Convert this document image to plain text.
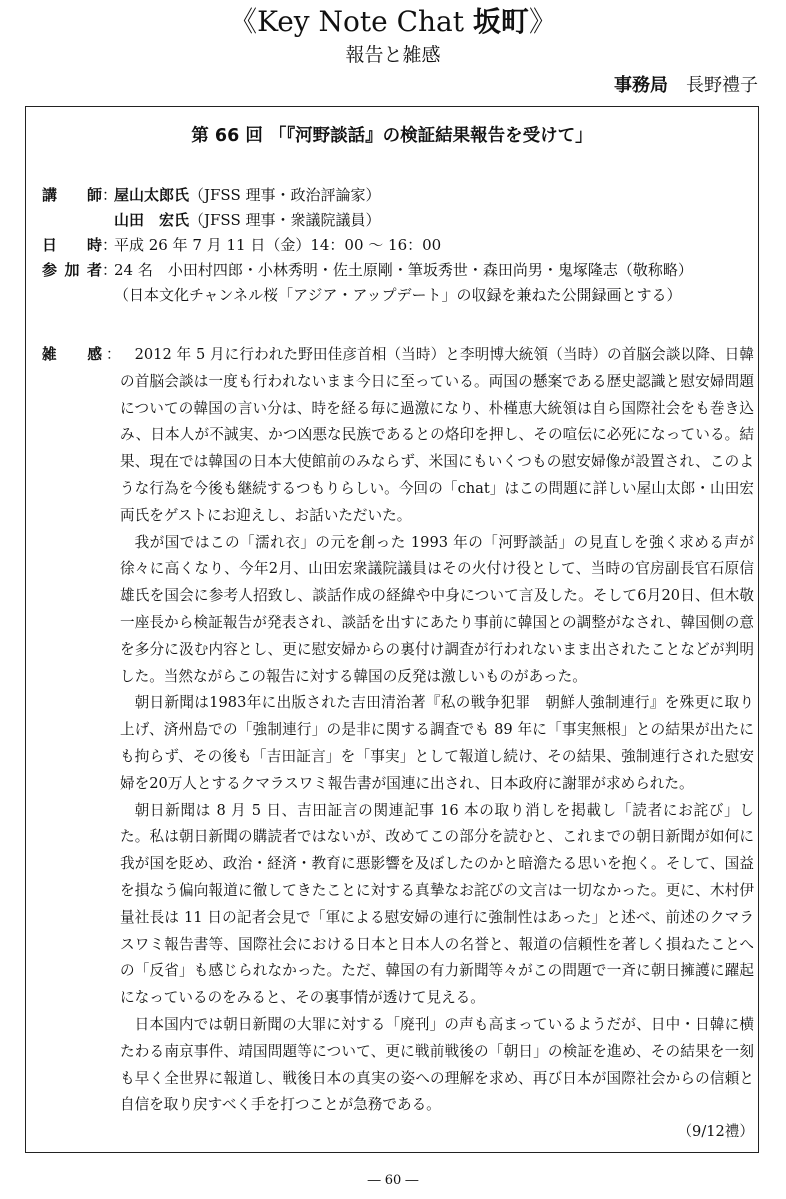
《Key Note Chat 坂町》
報告と雑感
事務局 長野禮子
第 66 回 「『河野談話』の検証結果報告を受けて」
講 師 ：
屋山太郎氏 （JFSS 理事・政治評論家）
山田　宏氏 （JFSS 理事・衆議院議員）
日 時 ：
平成 26 年 7 月 11 日（金）14：00 〜 16：00
参加者 ：
24 名　小田村四郎・小林秀明・佐土原剛・筆坂秀世・森田尚男・鬼塚隆志（敬称略）
（日本文化チャンネル桜「アジア・アップデート」の収録を兼ねた公開録画とする）
雑 感 ： 2012 年 5 月に行われた野田佳彦首相（当時）と李明博大統領（当時）の首脳会談以降、日韓の首脳会談は一度も行われないまま今日に至っている。両国の懸案である歴史認識と慰安婦問題についての韓国の言い分は、時を経る毎に過激になり、朴槿恵大統領は自ら国際社会をも巻き込み、日本人が不誠実、かつ凶悪な民族であるとの烙印を押し、その喧伝に必死になっている。結果、現在では韓国の日本大使館前のみならず、米国にもいくつもの慰安婦像が設置され、このような行為を今後も継続するつもりらしい。今回の「chat」はこの問題に詳しい屋山太郎・山田宏両氏をゲストにお迎えし、お話いただいた。

我が国ではこの「濡れ衣」の元を創った 1993 年の「河野談話」の見直しを強く求める声が徐々に高くなり、今年2月、山田宏衆議院議員はその火付け役として、当時の官房副長官石原信雄氏を国会に参考人招致し、談話作成の経緯や中身について言及した。そして6月20日、但木敬一座長から検証報告が発表され、談話を出すにあたり事前に韓国との調整がなされ、韓国側の意を多分に汲む内容とし、更に慰安婦からの裏付け調査が行われないまま出されたことなどが判明した。当然ながらこの報告に対する韓国の反発は激しいものがあった。

朝日新聞は1983年に出版された吉田清治著『私の戦争犯罪　朝鮮人強制連行』を殊更に取り上げ、済州島での「強制連行」の是非に関する調査でも 89 年に「事実無根」との結果が出たにも拘らず、その後も「吉田証言」を「事実」として報道し続け、その結果、強制連行された慰安婦を20万人とするクマラスワミ報告書が国連に出され、日本政府に謝罪が求められた。

朝日新聞は 8 月 5 日、吉田証言の関連記事 16 本の取り消しを掲載し「読者にお詫び」した。私は朝日新聞の購読者ではないが、改めてこの部分を読むと、これまでの朝日新聞が如何に我が国を貶め、政治・経済・教育に悪影響を及ぼしたのかと暗澹たる思いを抱く。そして、国益を損なう偏向報道に徹してきたことに対する真摯なお詫びの文言は一切なかった。更に、木村伊量社長は 11 日の記者会見で「軍による慰安婦の連行に強制性はあった」と述べ、前述のクマラスワミ報告書等、国際社会における日本と日本人の名誉と、報道の信頼性を著しく損ねたことへの「反省」も感じられなかった。ただ、韓国の有力新聞等々がこの問題で一斉に朝日擁護に躍起になっているのをみると、その裏事情が透けて見える。

日本国内では朝日新聞の大罪に対する「廃刊」の声も高まっているようだが、日中・日韓に横たわる南京事件、靖国問題等について、更に戦前戦後の「朝日」の検証を進め、その結果を一刻も早く全世界に報道し、戦後日本の真実の姿への理解を求め、再び日本が国際社会からの信頼と自信を取り戻すべく手を打つことが急務である。

（9/12禮）
― 60 ―
